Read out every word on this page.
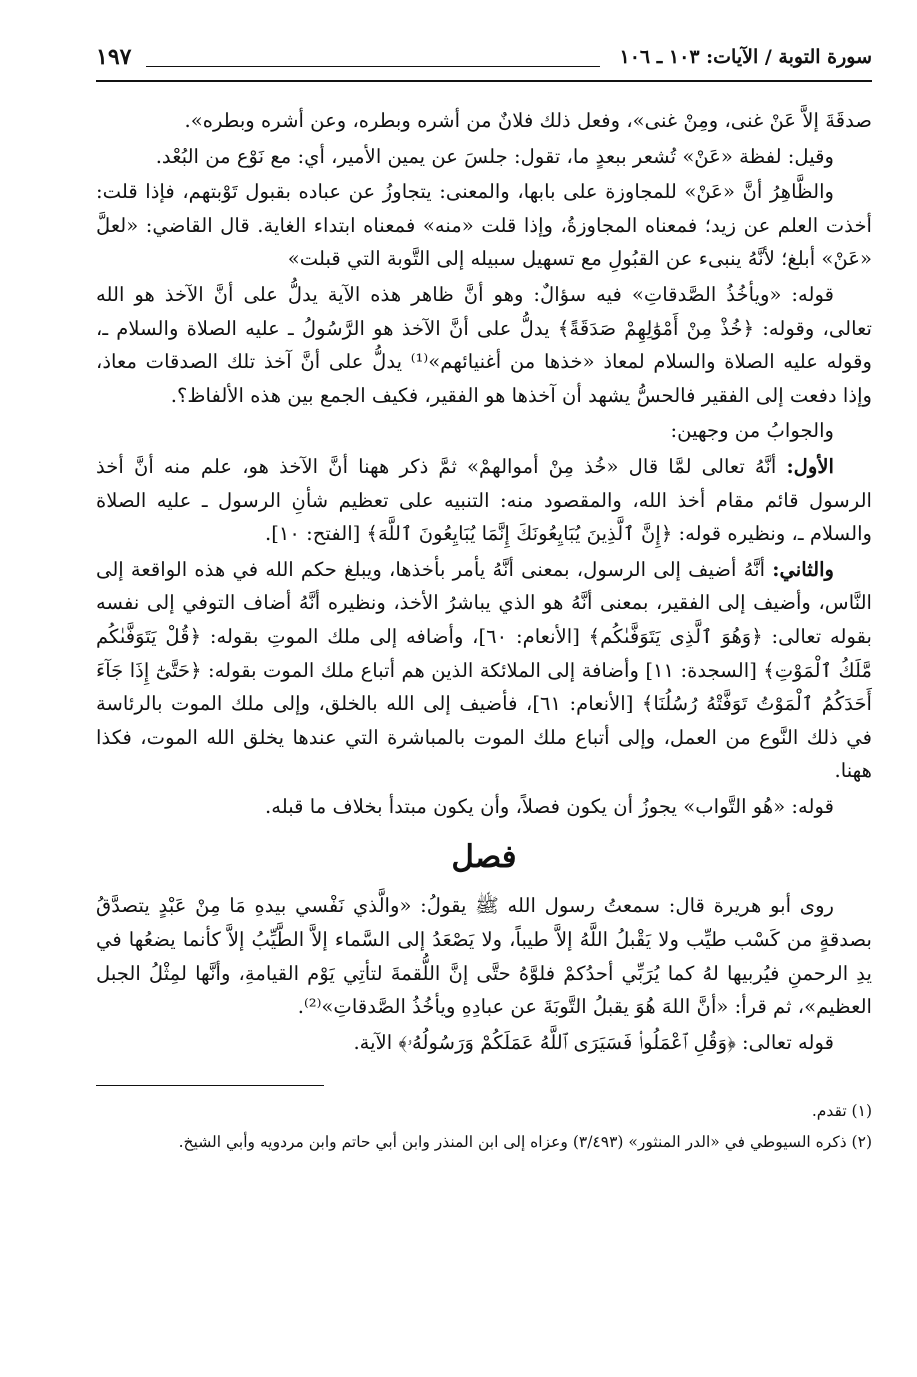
سورة التوبة / الآيات: ١٠٣ ـ ١٠٦
١٩٧

صدقَةَ إلاَّ عَنْ غنى، ومِنْ غنى»، وفعل ذلك فلانٌ من أشره وبطره، وعن أشره وبطره».

وقيل: لفظة «عَنْ» تُشعر ببعدٍ ما، تقول: جلسَ عن يمين الأمير، أي: مع نَوْع من البُعْد.

والظَّاهِرُ أنَّ «عَنْ» للمجاوزة على بابها، والمعنى: يتجاوزُ عن عباده بقبول تَوْبتهم، فإذا قلت: أخذت العلم عن زيد؛ فمعناه المجاوزةُ، وإذا قلت «منه» فمعناه ابتداء الغاية. قال القاضي: «لعلَّ «عَنْ» أبلغ؛ لأنَّهُ ينبىء عن القبُولِ مع تسهيل سبيله إلى التَّوبة التي قبلت»

قوله: «ويأخُذُ الصَّدقاتِ» فيه سؤالٌ: وهو أنَّ ظاهر هذه الآية يدلُّ على أنَّ الآخذ هو الله تعالى، وقوله: ﴿خُذْ مِنْ أَمْوَٰلِهِمْ صَدَقَةً﴾ يدلُّ على أنَّ الآخذ هو الرَّسُولُ ـ عليه الصلاة والسلام ـ، وقوله عليه الصلاة والسلام لمعاذ «خذها من أغنيائهم»⁽¹⁾ يدلُّ على أنَّ آخذ تلك الصدقات معاذ، وإذا دفعت إلى الفقير فالحسُّ يشهد أن آخذها هو الفقير، فكيف الجمع بين هذه الألفاظ؟.

والجوابُ من وجهين:

الأول: أنَّهُ تعالى لمَّا قال «خُذ مِنْ أموالهمْ» ثمَّ ذكر ههنا أنَّ الآخذ هو، علم منه أنَّ أخذ الرسول قائم مقام أخذ الله، والمقصود منه: التنبيه على تعظيم شأنِ الرسول ـ عليه الصلاة والسلام ـ، ونظيره قوله: ﴿إِنَّ ٱلَّذِينَ يُبَايِعُونَكَ إِنَّمَا يُبَايِعُونَ ٱللَّهَ﴾ [الفتح: ١٠].

والثاني: أنَّهُ أضيف إلى الرسول، بمعنى أنَّهُ يأمر بأخذها، ويبلغ حكم الله في هذه الواقعة إلى النَّاس، وأضيف إلى الفقير، بمعنى أنَّهُ هو الذي يباشرُ الأخذ، ونظيره أنَّهُ أضاف التوفي إلى نفسه بقوله تعالى: ﴿وَهُوَ ٱلَّذِى يَتَوَفَّىٰكُم﴾ [الأنعام: ٦٠]، وأضافه إلى ملك الموتِ بقوله: ﴿قُلْ يَتَوَفَّىٰكُم مَّلَكُ ٱلْمَوْتِ﴾ [السجدة: ١١] وأضافة إلى الملائكة الذين هم أتباع ملك الموت بقوله: ﴿حَتَّىٰٓ إِذَا جَآءَ أَحَدَكُمُ ٱلْمَوْتُ تَوَفَّتْهُ رُسُلُنَا﴾ [الأنعام: ٦١]، فأضيف إلى الله بالخلق، وإلى ملك الموت بالرئاسة في ذلك النَّوع من العمل، وإلى أتباع ملك الموت بالمباشرة التي عندها يخلق الله الموت، فكذا ههنا.

قوله: «هُو التَّواب» يجوزُ أن يكون فصلاً، وأن يكون مبتدأ بخلاف ما قبله.

فصل

روى أبو هريرة قال: سمعتُ رسول الله ﷺ يقولُ: «والَّذي نَفْسي بيدهِ مَا مِنْ عَبْدٍ يتصدَّقُ بصدقةٍ من كَسْب طيِّب ولا يَقْبلُ اللَّهُ إلاَّ طيباً، ولا يَصْعَدُ إلى السَّماء إلاَّ الطَّيِّبُ إلاَّ كأنما يضعُها في يدِ الرحمنِ فيُربيها لهُ كما يُرَبِّي أحدُكمْ فلوَّهُ حتَّى إنَّ اللُّقمةَ لتأتِي يَوْم القيامةِ، وأنَّها لمِثْلُ الجبل العظيم»، ثم قرأ: «أنَّ اللهَ هُوَ يقبلُ التَّوبَةَ عن عبادِهِ ويأخُذُ الصَّدقاتِ»⁽²⁾.

قوله تعالى: ﴿وَقُلِ ٱعْمَلُوا۟ فَسَيَرَى ٱللَّهُ عَمَلَكُمْ وَرَسُولُهُۥ﴾ الآية.

(١) تقدم.

(٢) ذكره السيوطي في «الدر المنثور» (٣/٤٩٣) وعزاه إلى ابن المنذر وابن أبي حاتم وابن مردويه وأبي الشيخ.
